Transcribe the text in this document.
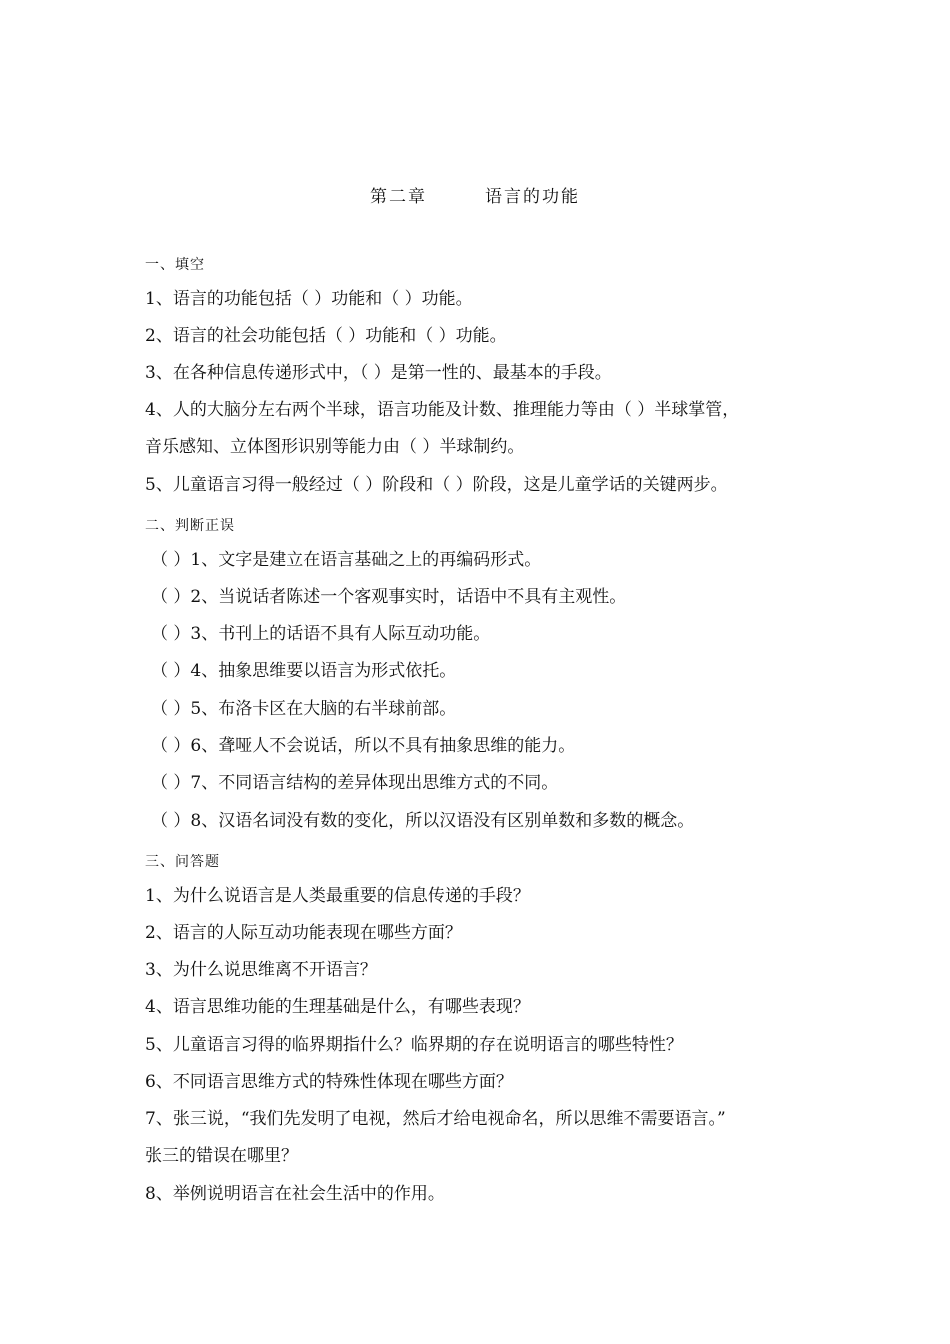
第二章	语言的功能
一、填空
1、语言的功能包括（ ）功能和（ ）功能。
2、语言的社会功能包括（ ）功能和（ ）功能。
3、在各种信息传递形式中，（ ）是第一性的、最基本的手段。
4、人的大脑分左右两个半球，语言功能及计数、推理能力等由（ ）半球掌管，
音乐感知、立体图形识别等能力由（ ）半球制约。
5、儿童语言习得一般经过（ ）阶段和（ ）阶段，这是儿童学话的关键两步。
二、判断正误
（ ）1、文字是建立在语言基础之上的再编码形式。
（ ）2、当说话者陈述一个客观事实时，话语中不具有主观性。
（ ）3、书刊上的话语不具有人际互动功能。
（ ）4、抽象思维要以语言为形式依托。
（ ）5、布洛卡区在大脑的右半球前部。
（ ）6、聋哑人不会说话，所以不具有抽象思维的能力。
（ ）7、不同语言结构的差异体现出思维方式的不同。
（ ）8、汉语名词没有数的变化，所以汉语没有区别单数和多数的概念。
三、问答题
1、为什么说语言是人类最重要的信息传递的手段？
2、语言的人际互动功能表现在哪些方面？
3、为什么说思维离不开语言？
4、语言思维功能的生理基础是什么，有哪些表现？
5、儿童语言习得的临界期指什么？临界期的存在说明语言的哪些特性？
6、不同语言思维方式的特殊性体现在哪些方面？
7、张三说，“我们先发明了电视，然后才给电视命名，所以思维不需要语言。”
张三的错误在哪里？
8、举例说明语言在社会生活中的作用。
